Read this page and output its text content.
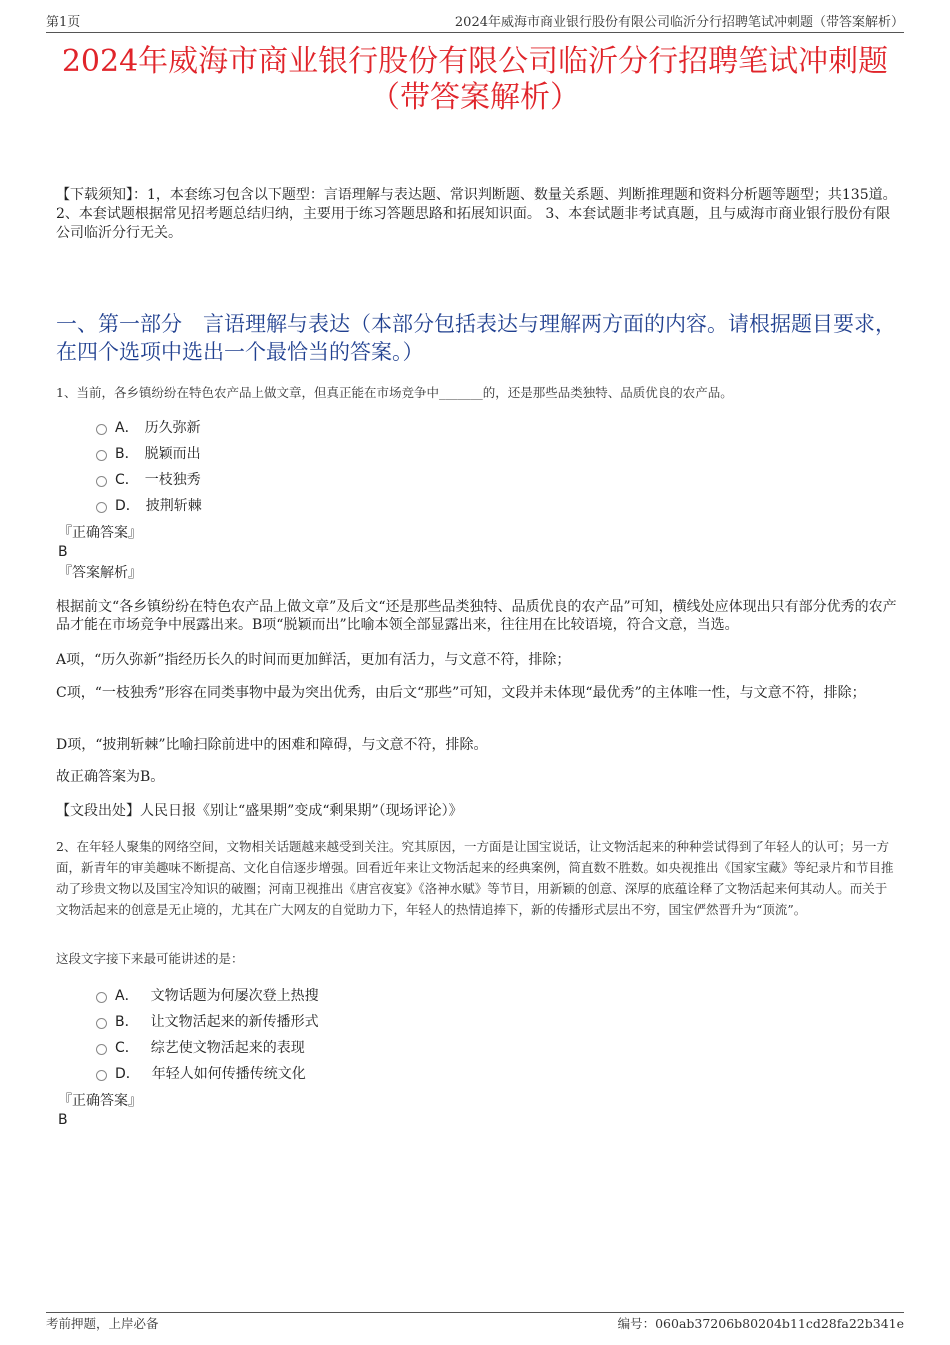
第1页	2024年威海市商业银行股份有限公司临沂分行招聘笔试冲刺题（带答案解析）
2024年威海市商业银行股份有限公司临沂分行招聘笔试冲刺题
（带答案解析）
【下载须知】：1，本套练习包含以下题型：言语理解与表达题、常识判断题、数量关系题、判断推理题和资料分析题等题型；共135道。 2、本套试题根据常见招考题总结归纳，主要用于练习答题思路和拓展知识面。 3、本套试题非考试真题，且与威海市商业银行股份有限公司临沂分行无关。
一、第一部分　言语理解与表达（本部分包括表达与理解两方面的内容。请根据题目要求，在四个选项中选出一个最恰当的答案。）
1、当前，各乡镇纷纷在特色农产品上做文章，但真正能在市场竞争中_______的，还是那些品类独特、品质优良的农产品。
A． 历久弥新
B． 脱颖而出
C． 一枝独秀
D． 披荆斩棘
『正确答案』
B
『答案解析』
根据前文“各乡镇纷纷在特色农产品上做文章”及后文“还是那些品类独特、品质优良的农产品”可知，横线处应体现出只有部分优秀的农产品才能在市场竞争中展露出来。B项“脱颖而出”比喻本领全部显露出来，往往用在比较语境，符合文意，当选。
A项，“历久弥新”指经历长久的时间而更加鲜活，更加有活力，与文意不符，排除；
C项，“一枝独秀”形容在同类事物中最为突出优秀，由后文“那些”可知，文段并未体现“最优秀”的主体唯一性，与文意不符，排除；
D项，“披荆斩棘”比喻扫除前进中的困难和障碍，与文意不符，排除。
故正确答案为B。
【文段出处】人民日报《别让“盛果期”变成“剩果期”（现场评论）》
2、在年轻人聚集的网络空间，文物相关话题越来越受到关注。究其原因，一方面是让国宝说话，让文物活起来的种种尝试得到了年轻人的认可；另一方面，新青年的审美趣味不断提高、文化自信逐步增强。回看近年来让文物活起来的经典案例，简直数不胜数。如央视推出《国家宝藏》等纪录片和节目推动了珍贵文物以及国宝冷知识的破圈；河南卫视推出《唐宫夜宴》《洛神水赋》等节目，用新颖的创意、深厚的底蕴诠释了文物活起来何其动人。而关于文物活起来的创意是无止境的，尤其在广大网友的自觉助力下，年轻人的热情追捧下，新的传播形式层出不穷，国宝俨然晋升为“顶流”。
这段文字接下来最可能讲述的是：
A． 文物话题为何屡次登上热搜
B． 让文物活起来的新传播形式
C． 综艺使文物活起来的表现
D． 年轻人如何传播传统文化
『正确答案』
B
考前押题，上岸必备	编号：060ab37206b80204b11cd28fa22b341e
